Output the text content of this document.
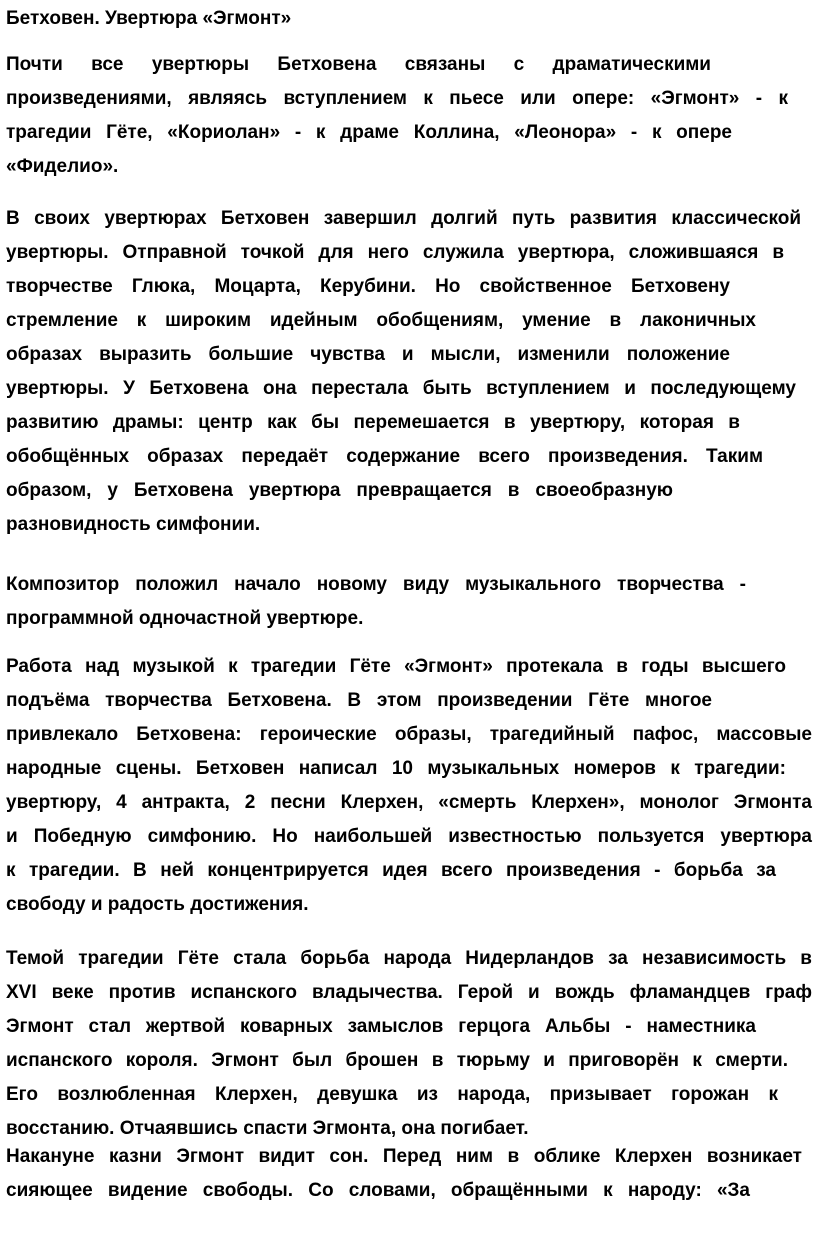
Бетховен. Увертюра «Эгмонт»
Почти все увертюры Бетховена связаны с драматическими
произведениями, являясь вступлением к пьесе или опере: «Эгмонт» - к
трагедии Гёте, «Кориолан» - к драме Коллина, «Леонора» - к опере
«Фиделио».
В своих увертюрах Бетховен завершил долгий путь развития классической
увертюры. Отправной точкой для него служила увертюра, сложившаяся в
творчестве Глюка, Моцарта, Керубини. Но свойственное Бетховену
стремление к широким идейным обобщениям, умение в лаконичных
образах выразить большие чувства и мысли, изменили положение
увертюры. У Бетховена она перестала быть вступлением и последующему
развитию драмы: центр как бы перемешается в увертюру, которая в
обобщённых образах передаёт содержание всего произведения. Таким
образом, у Бетховена увертюра превращается в своеобразную
разновидность симфонии.
Композитор положил начало новому виду музыкального творчества -
программной одночастной увертюре.
Работа над музыкой к трагедии Гёте «Эгмонт» протекала в годы высшего
подъёма творчества Бетховена. В этом произведении Гёте многое
привлекало Бетховена: героические образы, трагедийный пафос, массовые
народные сцены. Бетховен написал 10 музыкальных номеров к трагедии:
увертюру, 4 антракта, 2 песни Клерхен, «смерть Клерхен», монолог Эгмонта
и Победную симфонию. Но наибольшей известностью пользуется увертюра
к трагедии. В ней концентрируется идея всего произведения - борьба за
свободу и радость достижения.
Темой трагедии Гёте стала борьба народа Нидерландов за независимость в
XVI веке против испанского владычества. Герой и вождь фламандцев граф
Эгмонт стал жертвой коварных замыслов герцога Альбы - наместника
испанского короля. Эгмонт был брошен в тюрьму и приговорён к смерти.
Его возлюбленная Клерхен, девушка из народа, призывает горожан к
восстанию. Отчаявшись спасти Эгмонта, она погибает.
Накануне казни Эгмонт видит сон. Перед ним в облике Клерхен возникает
сияющее видение свободы. Со словами, обращёнными к народу: «За
